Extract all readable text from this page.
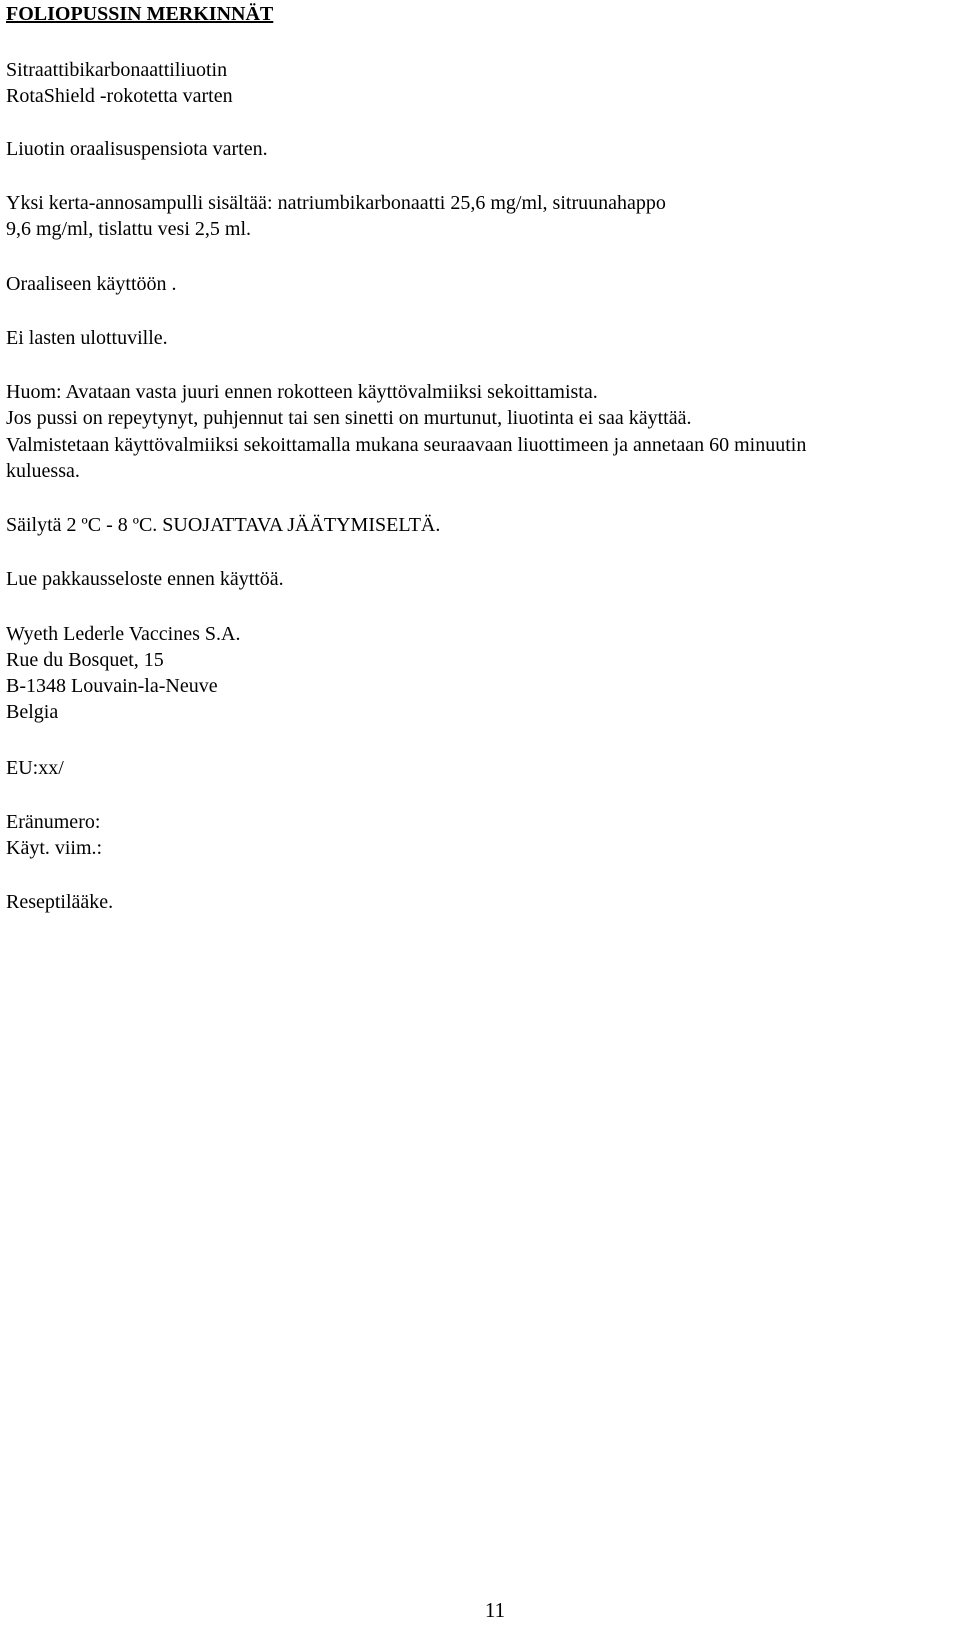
FOLIOPUSSIN MERKINNÄT

Sitraattibikarbonaattiliuotin

RotaShield -rokotetta varten

Liuotin oraalisuspensiota varten.

Yksi kerta-annosampulli sisältää: natriumbikarbonaatti 25,6 mg/ml, sitruunahappo

9,6 mg/ml, tislattu vesi 2,5 ml.

Oraaliseen käyttöön .

Ei lasten ulottuville.

Huom: Avataan vasta juuri ennen rokotteen käyttövalmiiksi sekoittamista.

Jos pussi on repeytynyt, puhjennut tai sen sinetti on murtunut, liuotinta ei saa käyttää.

Valmistetaan käyttövalmiiksi sekoittamalla mukana seuraavaan liuottimeen ja annetaan 60 minuutin

kuluessa.

Säilytä 2 ºC - 8 ºC. SUOJATTAVA JÄÄTYMISELTÄ.

Lue pakkausseloste ennen käyttöä.

Wyeth Lederle Vaccines S.A.

Rue du Bosquet, 15

B-1348 Louvain-la-Neuve

Belgia

EU:xx/

Eränumero:

Käyt. viim.:

Reseptilääke.

11
